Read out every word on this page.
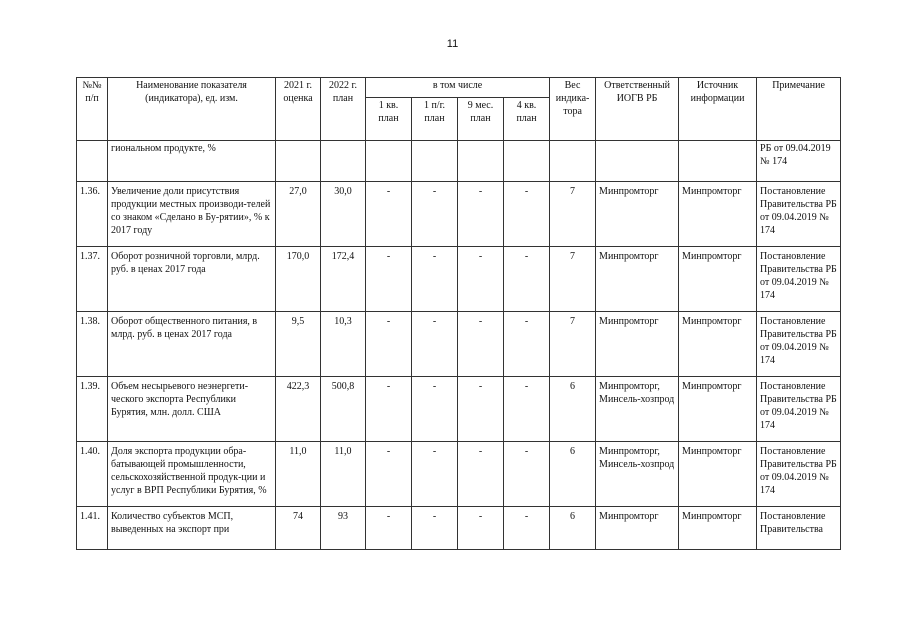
11
№№ п/п	Наименование показателя (индикатора), ед. изм.	2021 г. оценка	2022 г. план	в том числе				Вес индика-тора	Ответственный ИОГВ РБ	Источник информации	Примечание
				1 кв. план	1 п/г. план	9 мес. план	4 кв. план				
	гиональном продукте, %										РБ от 09.04.2019 № 174
1.36.	Увеличение доли присутствия продукции местных производи-телей со знаком «Сделано в Бу-рятии», % к 2017 году	27,0	30,0	-	-	-	-	7	Минпромторг	Минпромторг	Постановление Правительства РБ от 09.04.2019 № 174
1.37.	Оборот розничной торговли, млрд. руб. в ценах 2017 года	170,0	172,4	-	-	-	-	7	Минпромторг	Минпромторг	Постановление Правительства РБ от 09.04.2019 № 174
1.38.	Оборот общественного питания, в млрд. руб. в ценах 2017 года	9,5	10,3	-	-	-	-	7	Минпромторг	Минпромторг	Постановление Правительства РБ от 09.04.2019 № 174
1.39.	Объем несырьевого неэнергети-ческого экспорта Республики Бурятия, млн. долл. США	422,3	500,8	-	-	-	-	6	Минпромторг, Минсель-хозпрод	Минпромторг	Постановление Правительства РБ от 09.04.2019 № 174
1.40.	Доля экспорта продукции обра-батывающей промышленности, сельскохозяйственной продук-ции и услуг в ВРП Республики Бурятия, %	11,0	11,0	-	-	-	-	6	Минпромторг, Минсель-хозпрод	Минпромторг	Постановление Правительства РБ от 09.04.2019 № 174
1.41.	Количество субъектов МСП, выведенных на экспорт при	74	93	-	-	-	-	6	Минпромторг	Минпромторг	Постановление Правительства
